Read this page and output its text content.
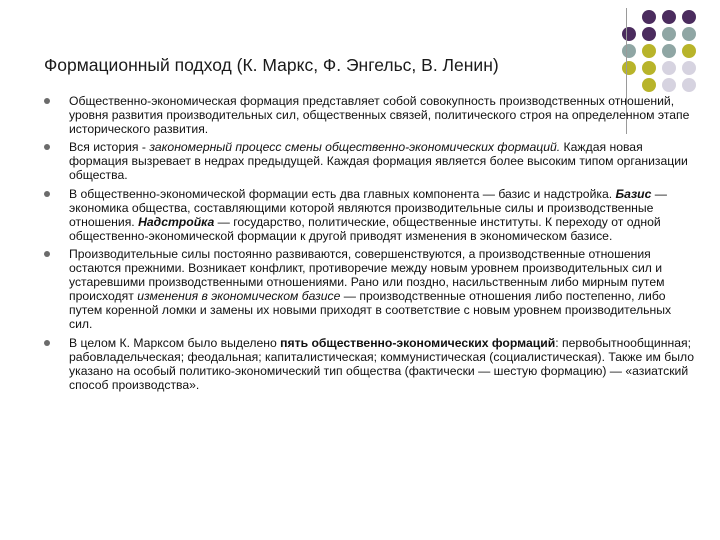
Формационный подход (К. Маркс, Ф. Энгельс, В. Ленин)
Общественно-экономическая формация представляет собой совокупность производственных отношений, уровня развития производительных сил, общественных связей, политического строя на определенном этапе исторического развития.
Вся история - закономерный процесс смены общественно-экономических формаций. Каждая новая формация вызревает в недрах предыдущей. Каждая формация является более высоким типом организации общества.
В общественно-экономической формации есть два главных компонента — базис и надстройка. Базис — экономика общества, составляющими которой являются производительные силы и производственные отношения. Надстройка — государство, политические, общественные институты. К переходу от одной общественно-экономической формации к другой приводят изменения в экономическом базисе.
Производительные силы постоянно развиваются, совершенствуются, а производственные отношения остаются прежними. Возникает конфликт, противоречие между новым уровнем производительных сил и устаревшими производственными отношениями. Рано или поздно, насильственным либо мирным путем происходят изменения в экономическом базисе — производственные отношения либо постепенно, либо путем коренной ломки и замены их новыми приходят в соответствие с новым уровнем производительных сил.
В целом К. Марксом было выделено пять общественно-экономических формаций: первобытнообщинная; рабовладельческая; феодальная; капиталистическая; коммунистическая (социалистическая). Также им было указано на особый политико-экономический тип общества (фактически — шестую формацию) — «азиатский способ производства».
